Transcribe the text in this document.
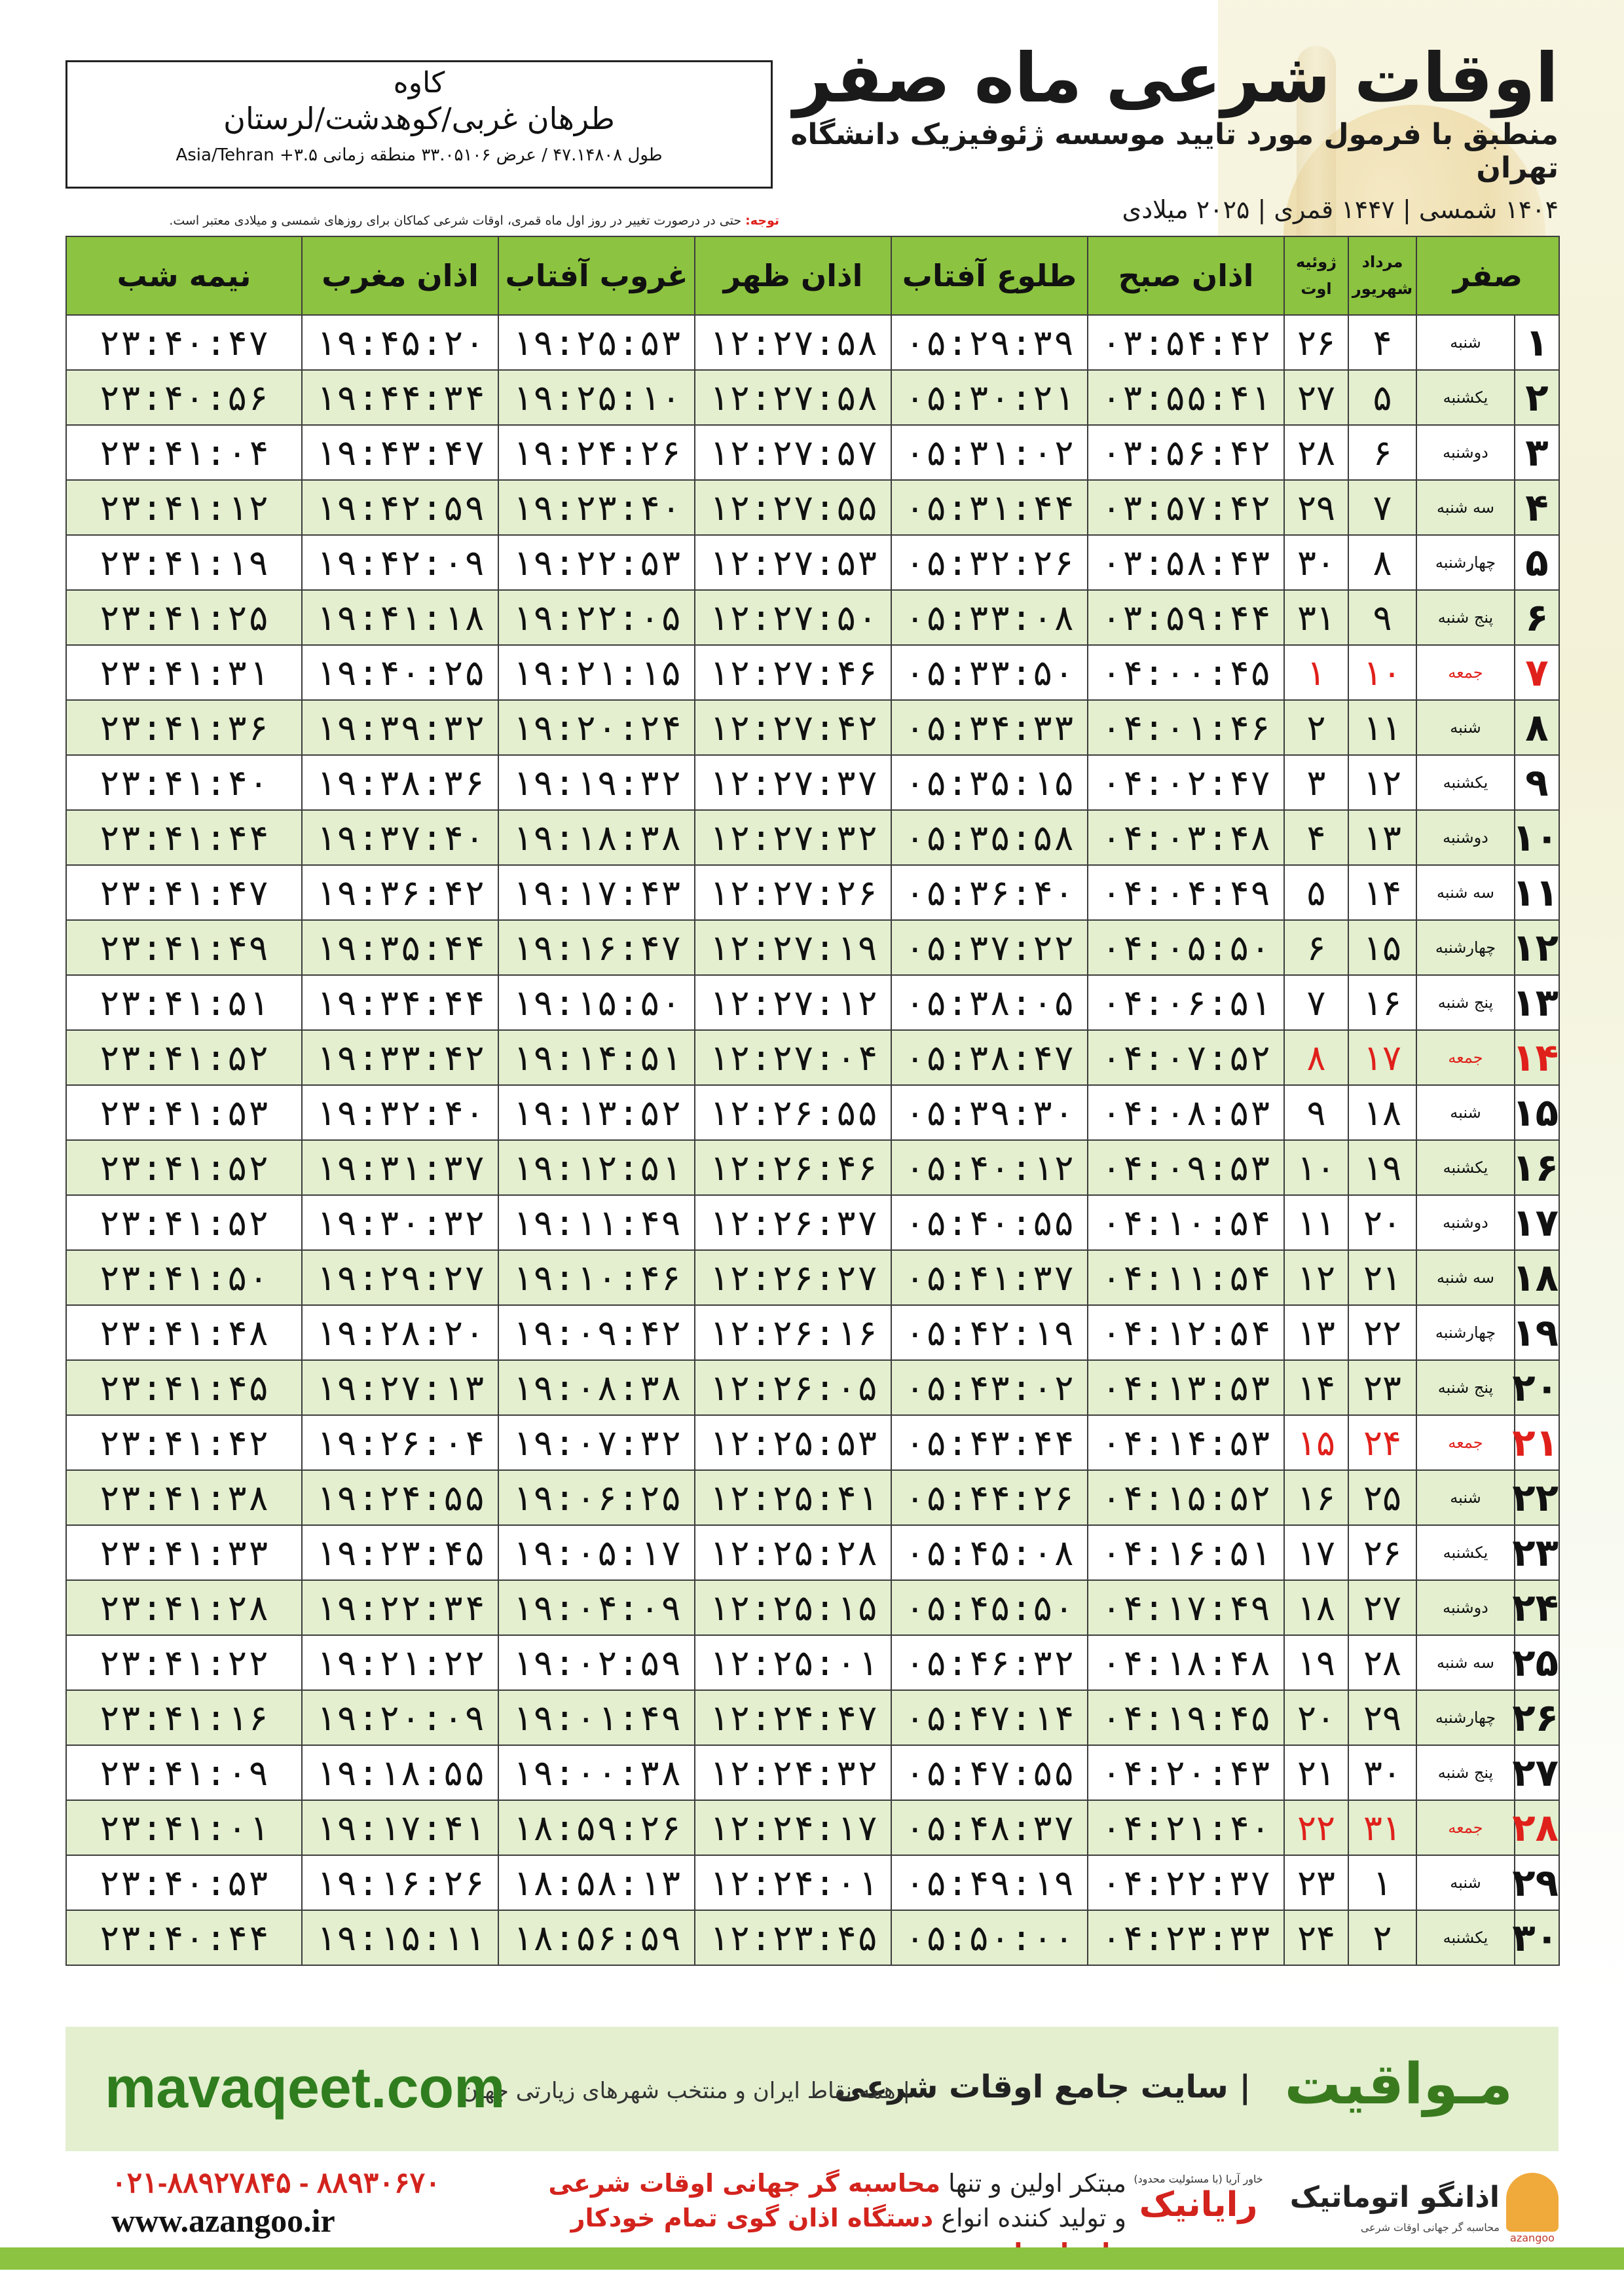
کاوه
طرهان غربی/کوهدشت/لرستان
طول ۴۷.۱۴۸۰۸ / عرض ۳۳.۰۵۱۰۶ منطقه زمانی ۳.۵+ Asia/Tehran
اوقات شرعی ماه صفر
منطبق با فرمول مورد تایید موسسه ژئوفیزیک دانشگاه تهران
۱۴۰۴ شمسی | ۱۴۴۷ قمری | ۲۰۲۵ میلادی
توجه: حتی در درصورت تغییر در روز اول ماه قمری، اوقات شرعی کماکان برای روزهای شمسی و میلادی معتبر است.
صفر		مرداد شهریور	ژوئیه اوت	اذان صبح	طلوع آفتاب	اذان ظهر	غروب آفتاب	اذان مغرب	نیمه شب
۱	شنبه	۴	۲۶	۰۳:۵۴:۴۲	۰۵:۲۹:۳۹	۱۲:۲۷:۵۸	۱۹:۲۵:۵۳	۱۹:۴۵:۲۰	۲۳:۴۰:۴۷
۲	یکشنبه	۵	۲۷	۰۳:۵۵:۴۱	۰۵:۳۰:۲۱	۱۲:۲۷:۵۸	۱۹:۲۵:۱۰	۱۹:۴۴:۳۴	۲۳:۴۰:۵۶
۳	دوشنبه	۶	۲۸	۰۳:۵۶:۴۲	۰۵:۳۱:۰۲	۱۲:۲۷:۵۷	۱۹:۲۴:۲۶	۱۹:۴۳:۴۷	۲۳:۴۱:۰۴
۴	سه شنبه	۷	۲۹	۰۳:۵۷:۴۲	۰۵:۳۱:۴۴	۱۲:۲۷:۵۵	۱۹:۲۳:۴۰	۱۹:۴۲:۵۹	۲۳:۴۱:۱۲
۵	چهارشنبه	۸	۳۰	۰۳:۵۸:۴۳	۰۵:۳۲:۲۶	۱۲:۲۷:۵۳	۱۹:۲۲:۵۳	۱۹:۴۲:۰۹	۲۳:۴۱:۱۹
۶	پنج شنبه	۹	۳۱	۰۳:۵۹:۴۴	۰۵:۳۳:۰۸	۱۲:۲۷:۵۰	۱۹:۲۲:۰۵	۱۹:۴۱:۱۸	۲۳:۴۱:۲۵
۷	جمعه	۱۰	۱	۰۴:۰۰:۴۵	۰۵:۳۳:۵۰	۱۲:۲۷:۴۶	۱۹:۲۱:۱۵	۱۹:۴۰:۲۵	۲۳:۴۱:۳۱
۸	شنبه	۱۱	۲	۰۴:۰۱:۴۶	۰۵:۳۴:۳۳	۱۲:۲۷:۴۲	۱۹:۲۰:۲۴	۱۹:۳۹:۳۲	۲۳:۴۱:۳۶
۹	یکشنبه	۱۲	۳	۰۴:۰۲:۴۷	۰۵:۳۵:۱۵	۱۲:۲۷:۳۷	۱۹:۱۹:۳۲	۱۹:۳۸:۳۶	۲۳:۴۱:۴۰
۱۰	دوشنبه	۱۳	۴	۰۴:۰۳:۴۸	۰۵:۳۵:۵۸	۱۲:۲۷:۳۲	۱۹:۱۸:۳۸	۱۹:۳۷:۴۰	۲۳:۴۱:۴۴
۱۱	سه شنبه	۱۴	۵	۰۴:۰۴:۴۹	۰۵:۳۶:۴۰	۱۲:۲۷:۲۶	۱۹:۱۷:۴۳	۱۹:۳۶:۴۲	۲۳:۴۱:۴۷
۱۲	چهارشنبه	۱۵	۶	۰۴:۰۵:۵۰	۰۵:۳۷:۲۲	۱۲:۲۷:۱۹	۱۹:۱۶:۴۷	۱۹:۳۵:۴۴	۲۳:۴۱:۴۹
۱۳	پنج شنبه	۱۶	۷	۰۴:۰۶:۵۱	۰۵:۳۸:۰۵	۱۲:۲۷:۱۲	۱۹:۱۵:۵۰	۱۹:۳۴:۴۴	۲۳:۴۱:۵۱
۱۴	جمعه	۱۷	۸	۰۴:۰۷:۵۲	۰۵:۳۸:۴۷	۱۲:۲۷:۰۴	۱۹:۱۴:۵۱	۱۹:۳۳:۴۲	۲۳:۴۱:۵۲
۱۵	شنبه	۱۸	۹	۰۴:۰۸:۵۳	۰۵:۳۹:۳۰	۱۲:۲۶:۵۵	۱۹:۱۳:۵۲	۱۹:۳۲:۴۰	۲۳:۴۱:۵۳
۱۶	یکشنبه	۱۹	۱۰	۰۴:۰۹:۵۳	۰۵:۴۰:۱۲	۱۲:۲۶:۴۶	۱۹:۱۲:۵۱	۱۹:۳۱:۳۷	۲۳:۴۱:۵۲
۱۷	دوشنبه	۲۰	۱۱	۰۴:۱۰:۵۴	۰۵:۴۰:۵۵	۱۲:۲۶:۳۷	۱۹:۱۱:۴۹	۱۹:۳۰:۳۲	۲۳:۴۱:۵۲
۱۸	سه شنبه	۲۱	۱۲	۰۴:۱۱:۵۴	۰۵:۴۱:۳۷	۱۲:۲۶:۲۷	۱۹:۱۰:۴۶	۱۹:۲۹:۲۷	۲۳:۴۱:۵۰
۱۹	چهارشنبه	۲۲	۱۳	۰۴:۱۲:۵۴	۰۵:۴۲:۱۹	۱۲:۲۶:۱۶	۱۹:۰۹:۴۲	۱۹:۲۸:۲۰	۲۳:۴۱:۴۸
۲۰	پنج شنبه	۲۳	۱۴	۰۴:۱۳:۵۳	۰۵:۴۳:۰۲	۱۲:۲۶:۰۵	۱۹:۰۸:۳۸	۱۹:۲۷:۱۳	۲۳:۴۱:۴۵
۲۱	جمعه	۲۴	۱۵	۰۴:۱۴:۵۳	۰۵:۴۳:۴۴	۱۲:۲۵:۵۳	۱۹:۰۷:۳۲	۱۹:۲۶:۰۴	۲۳:۴۱:۴۲
۲۲	شنبه	۲۵	۱۶	۰۴:۱۵:۵۲	۰۵:۴۴:۲۶	۱۲:۲۵:۴۱	۱۹:۰۶:۲۵	۱۹:۲۴:۵۵	۲۳:۴۱:۳۸
۲۳	یکشنبه	۲۶	۱۷	۰۴:۱۶:۵۱	۰۵:۴۵:۰۸	۱۲:۲۵:۲۸	۱۹:۰۵:۱۷	۱۹:۲۳:۴۵	۲۳:۴۱:۳۳
۲۴	دوشنبه	۲۷	۱۸	۰۴:۱۷:۴۹	۰۵:۴۵:۵۰	۱۲:۲۵:۱۵	۱۹:۰۴:۰۹	۱۹:۲۲:۳۴	۲۳:۴۱:۲۸
۲۵	سه شنبه	۲۸	۱۹	۰۴:۱۸:۴۸	۰۵:۴۶:۳۲	۱۲:۲۵:۰۱	۱۹:۰۲:۵۹	۱۹:۲۱:۲۲	۲۳:۴۱:۲۲
۲۶	چهارشنبه	۲۹	۲۰	۰۴:۱۹:۴۵	۰۵:۴۷:۱۴	۱۲:۲۴:۴۷	۱۹:۰۱:۴۹	۱۹:۲۰:۰۹	۲۳:۴۱:۱۶
۲۷	پنج شنبه	۳۰	۲۱	۰۴:۲۰:۴۳	۰۵:۴۷:۵۵	۱۲:۲۴:۳۲	۱۹:۰۰:۳۸	۱۹:۱۸:۵۵	۲۳:۴۱:۰۹
۲۸	جمعه	۳۱	۲۲	۰۴:۲۱:۴۰	۰۵:۴۸:۳۷	۱۲:۲۴:۱۷	۱۸:۵۹:۲۶	۱۹:۱۷:۴۱	۲۳:۴۱:۰۱
۲۹	شنبه	۱	۲۳	۰۴:۲۲:۳۷	۰۵:۴۹:۱۹	۱۲:۲۴:۰۱	۱۸:۵۸:۱۳	۱۹:۱۶:۲۶	۲۳:۴۰:۵۳
۳۰	یکشنبه	۲	۲۴	۰۴:۲۳:۳۳	۰۵:۵۰:۰۰	۱۲:۲۳:۴۵	۱۸:۵۶:۵۹	۱۹:۱۵:۱۱	۲۳:۴۰:۴۴
مـواقیت
| سایت جامع اوقات شرعی
| همه نقاط ایران و منتخب شهرهای زیارتی جهان
mavaqeet.com
۰۲۱-۸۸۹۲۷۸۴۵ - ۸۸۹۳۰۶۷۰
www.azangoo.ir
مبتکر اولین و تنها محاسبه گر جهانی اوقات شرعی
و تولید کننده انواع دستگاه اذان گوی تمام خودکار
خاور آریا (با مسئولیت محدود)
رایانیک
azangoo
اذانگو اتوماتیک
محاسبه گر جهانی اوقات شرعی
